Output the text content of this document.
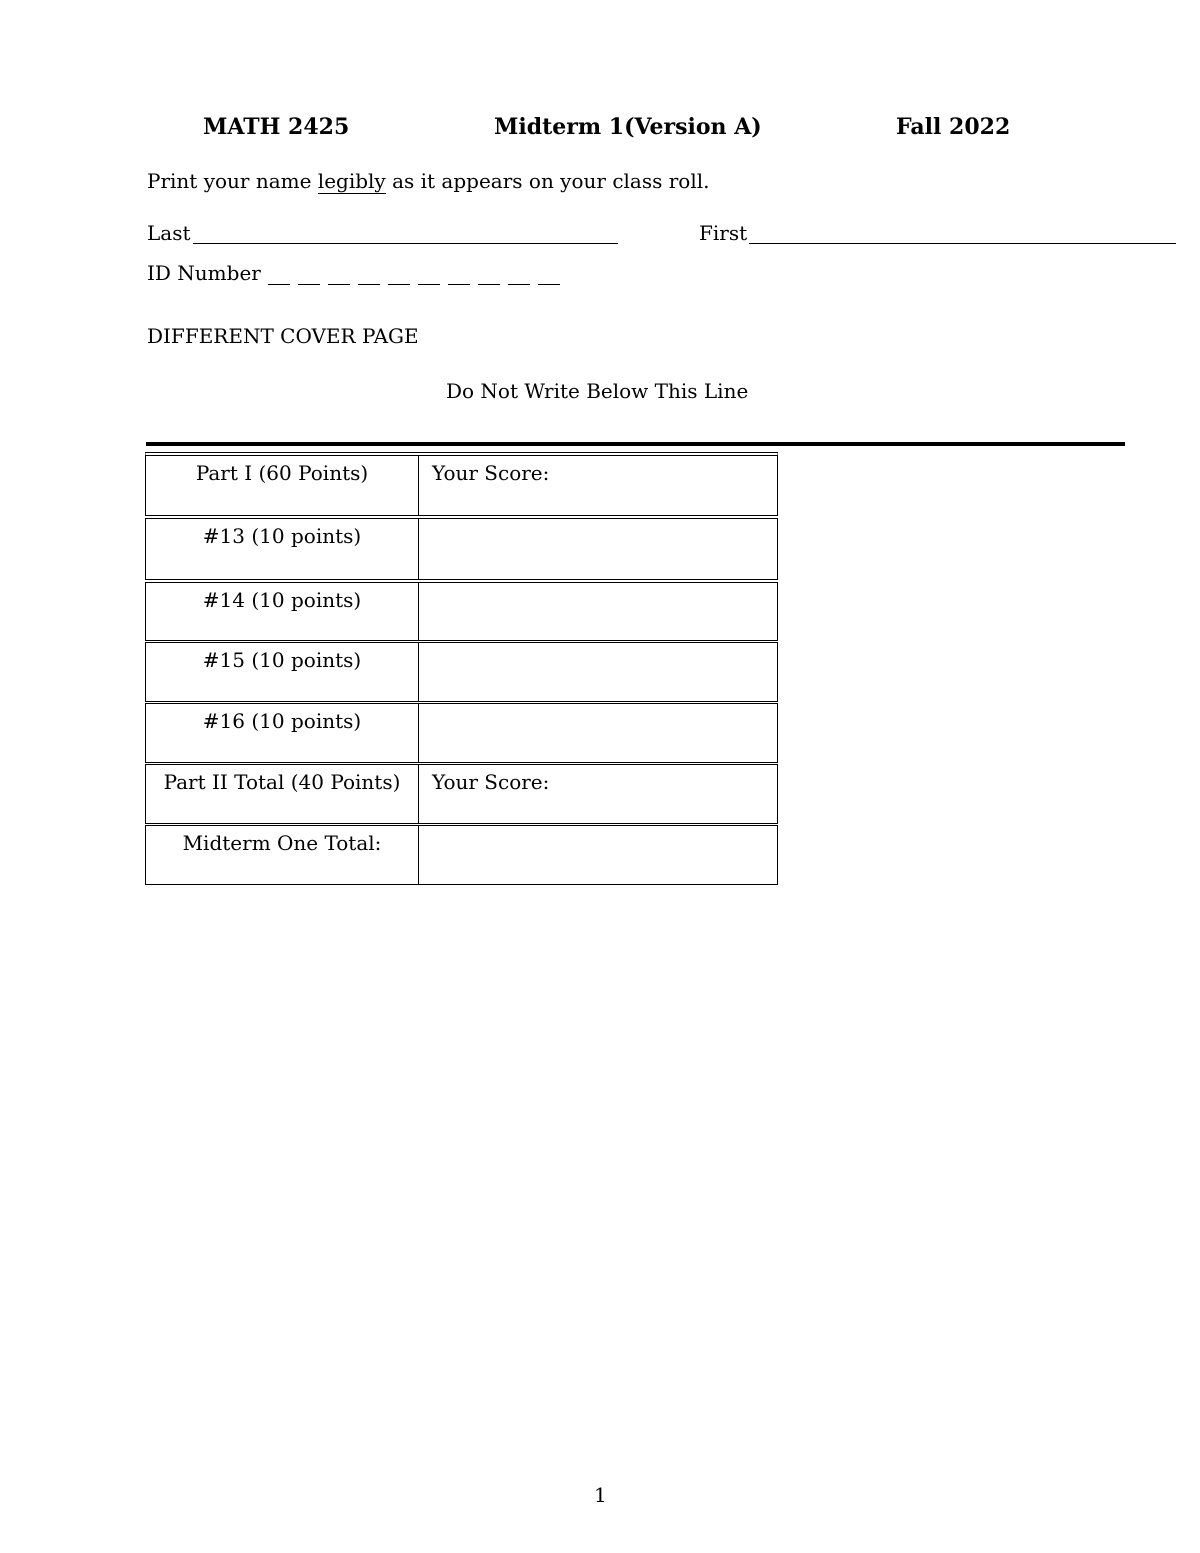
MATH 2425	Midterm 1(Version A)	Fall 2022
Print your name legibly as it appears on your class roll.
Last	First
ID Number
DIFFERENT COVER PAGE
Do Not Write Below This Line
Part I (60 Points)	Your Score:
#13 (10 points)
#14 (10 points)
#15 (10 points)
#16 (10 points)
Part II Total (40 Points)	Your Score:
Midterm One Total:
1
